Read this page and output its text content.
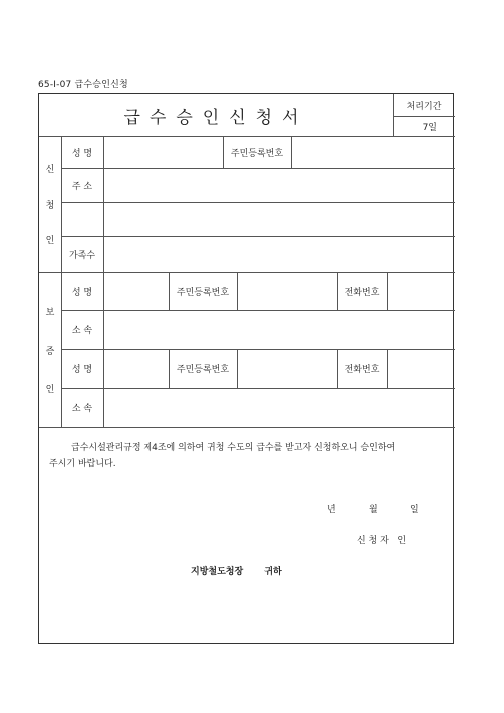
65-Ⅰ-07 급수승인신청
급수승인신청서
처리기간
7일
신
청
인
성 명	주민등록번호
주 소
가족수
보
증
인
성 명	주민등록번호	전화번호
소 속
성 명	주민등록번호	전화번호
소 속
급수시설관리규정 제4조에 의하여 귀청 수도의 급수를 받고자 신청하오니 승인하여
주시기 바랍니다.
년	월	일
신 청 자   인
지방철도청장 귀하
